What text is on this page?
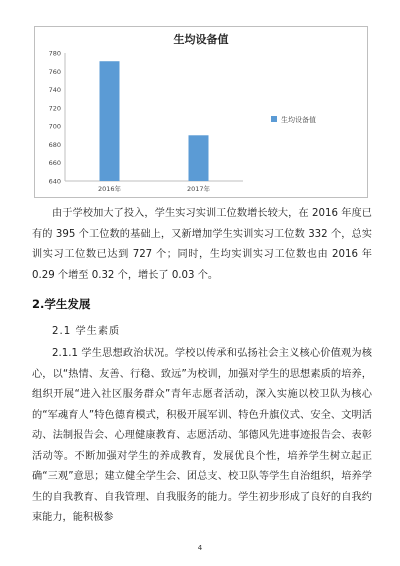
生均设备值
640
660
680
700
720
740
760
780
2016年	2017年
生均设备值
由于学校加大了投入，学生实习实训工位数增长较大，在 2016 年度已有的 395 个工位数的基础上，又新增加学生实训实习工位数 332 个，总实训实习工位数已达到 727 个；同时，生均实训实习工位数也由 2016 年 0.29 个增至 0.32 个，增长了 0.03 个。
2.学生发展
2.1 学生素质
2.1.1 学生思想政治状况。学校以传承和弘扬社会主义核心价值观为核心，以“热情、友善、行稳、致远”为校训，加强对学生的思想素质的培养，组织开展“进入社区服务群众”青年志愿者活动，深入实施以校卫队为核心的“军魂育人”特色德育模式，积极开展军训、特色升旗仪式、安全、文明活动、法制报告会、心理健康教育、志愿活动、邹德风先进事迹报告会、表彰活动等。不断加强对学生的养成教育，发展优良个性，培养学生树立起正确“三观”意思；建立健全学生会、团总支、校卫队等学生自治组织，培养学生的自我教育、自我管理、自我服务的能力。学生初步形成了良好的自我约束能力，能积极参
4
